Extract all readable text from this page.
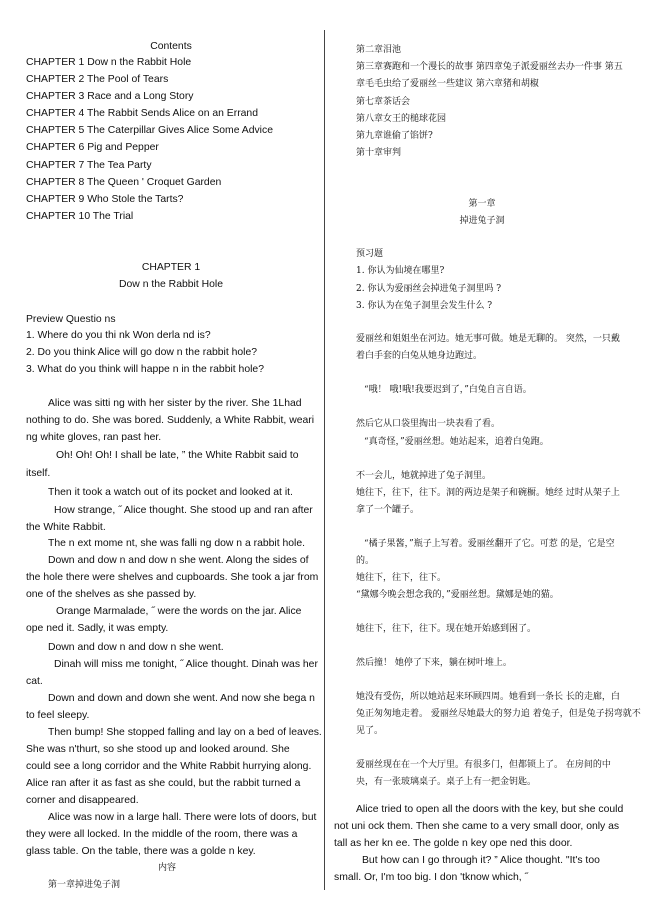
Contents
CHAPTER 1 Dow n the Rabbit Hole
CHAPTER 2 The Pool of Tears
CHAPTER 3 Race and a Long Story
CHAPTER 4 The Rabbit Sends Alice on an Errand
CHAPTER 5 The Caterpillar Gives Alice Some Advice
CHAPTER 6 Pig and Pepper
CHAPTER 7 The Tea Party
CHAPTER 8 The Queen ' Croquet Garden
CHAPTER 9 Who Stole the Tarts?
CHAPTER 10 The Trial
CHAPTER 1
Dow n the Rabbit Hole
Preview Questio ns
1. Where do you thi nk Won derla nd is?
2. Do you think Alice will go dow n the rabbit hole?
3. What do you think will happe n in the rabbit hole?
Alice was sitti ng with her sister by the river. She 1Lhad
nothing to do. She was bored. Suddenly, a White Rabbit, weari
ng white gloves, ran past her.
Oh! Oh! Oh! I shall be late, ” the White Rabbit said to
itself.
Then it took a watch out of its pocket and looked at it.
How strange, ˝ Alice thought. She stood up and ran after
the White Rabbit.
The n ext mome nt, she was falli ng dow n a rabbit hole.
Down and dow n and dow n she went. Along the sides of
the hole there were shelves and cupboards. She took a jar from
one of the shelves as she passed by.
Orange Marmalade, ˝ were the words on the jar. Alice
ope ned it. Sadly, it was empty.
Down and dow n and dow n she went.
Dinah will miss me tonight, ˝ Alice thought. Dinah was her
cat.
Down and down and down she went. And now she bega n
to feel sleepy.
Then bump! She stopped falling and lay on a bed of leaves.
She was n'thurt, so she stood up and looked around. She
could see a long corridor and the White Rabbit hurrying along.
Alice ran after it as fast as she could, but the rabbit turned a
corner and disappeared.
Alice was now in a large hall. There were lots of doors, but
they were all locked. In the middle of the room, there was a
glass table. On the table, there was a golde n key.
内容
第一章掉进兔子洞
第二章泪池
第三章赛跑和一个漫长的故事 第四章兔子派爱丽丝去办一件事 第五
章毛毛虫给了爱丽丝一些建议 第六章猪和胡椒
第七章茶话会
第八章女王的槌球花园
第九章谁偷了馅饼?
第十章审判
第一章
掉进兔子洞
预习题
1. 你认为仙境在哪里?
2. 你认为爱丽丝会掉进兔子洞里吗 ?
3. 你认为在兔子洞里会发生什么 ?
爱丽丝和姐姐坐在河边。她无事可做。她是无聊的。 突然，一只戴
着白手套的白兔从她身边跑过。
“哦！ 哦!哦!我要迟到了，”白兔自言自语。
然后它从口袋里掏出一块表看了看。
“真奇怪，”爱丽丝想。她站起来，追着白兔跑。
不一会儿，她就掉进了兔子洞里。
她往下，往下，往下。洞的两边是架子和碗橱。她经 过时从架子上
拿了一个罐子。
“橘子果酱，”瓶子上写着。爱丽丝翻开了它。可惹 的是，它是空
的。
她往下，往下，往下。
“黛娜今晚会想念我的，”爱丽丝想。黛娜是她的猫。
她往下，往下，往下。现在她开始感到困了。
然后撞！ 她停了下来，躺在树叶堆上。
她没有受伤，所以她站起来环顾四周。她看到一条长 长的走廊，白
兔正匆匆地走着。 爱丽丝尽她最大的努力追 着兔子，但是兔子拐弯就不
见了。
爱丽丝现在在一个大厅里。有很多门，但都锁上了。 在房间的中
央，有一张玻璃桌子。桌子上有一把金钥匙。
Alice tried to open all the doors with the key, but she could
not uni ock them. Then she came to a very small door, only as
tall as her kn ee. The golde n key ope ned this door.
But how can I go through it? ” Alice thought. "It's too
small. Or, I'm too big. I don 'tknow which, ˝
